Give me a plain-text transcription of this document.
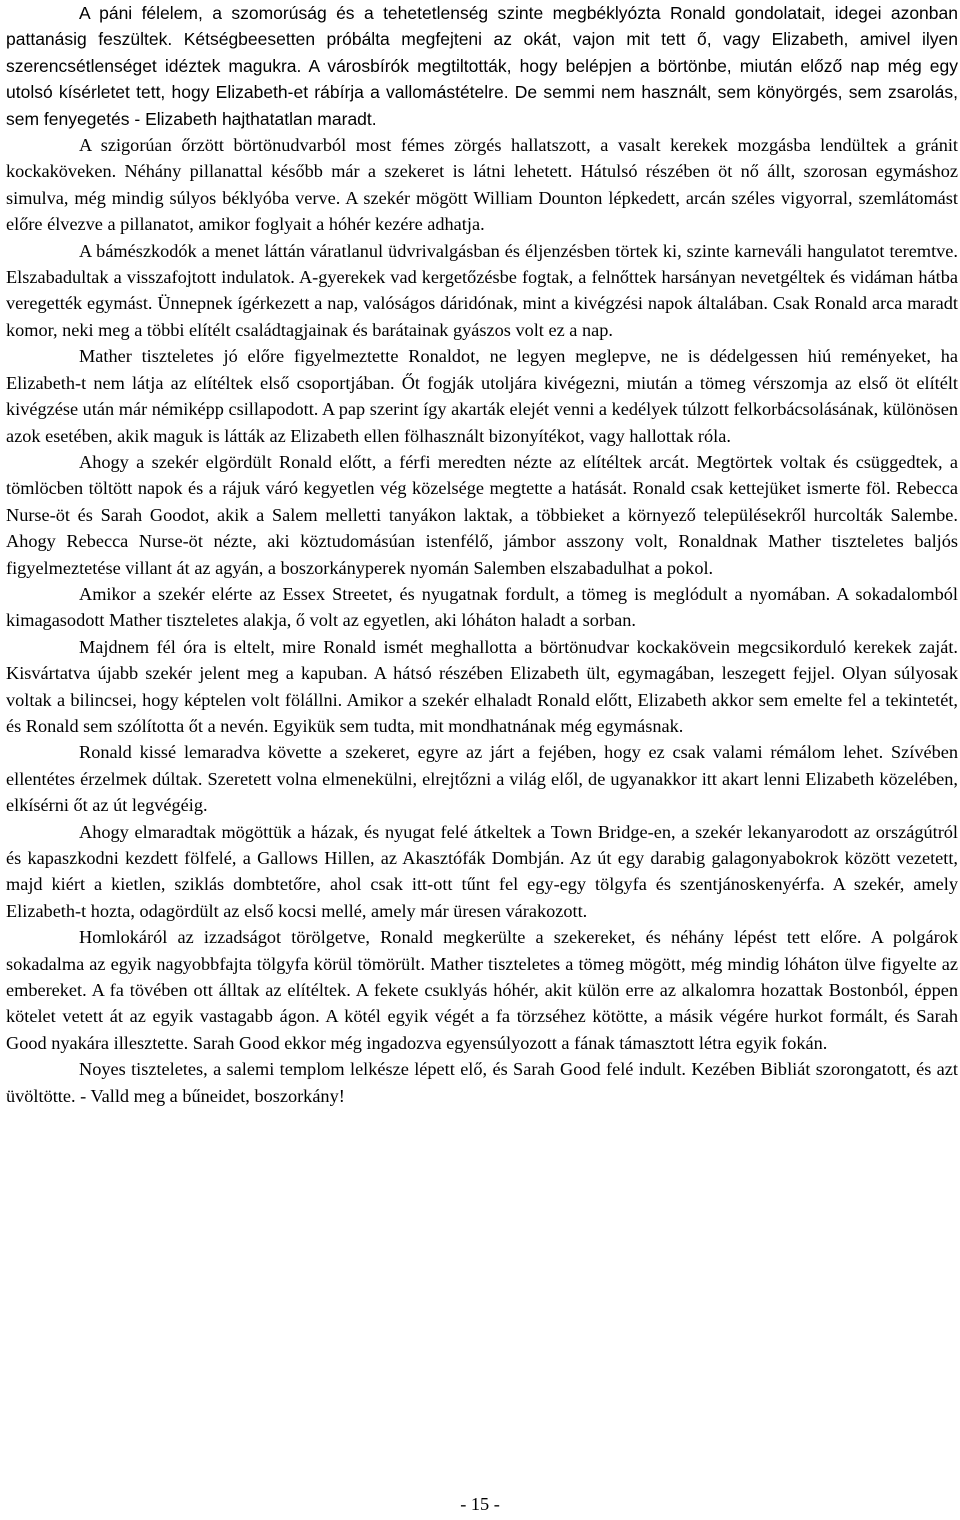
A páni félelem, a szomorúság és a tehetetlenség szinte megbéklyózta Ronald gondolatait, idegei azonban pattanásig feszültek. Kétségbeesetten próbálta megfejteni az okát, vajon mit tett ő, vagy Elizabeth, amivel ilyen szerencsétlenséget idéztek magukra. A városbírók megtiltották, hogy belépjen a börtönbe, miután előző nap még egy utolsó kísérletet tett, hogy Elizabeth-et rábírja a vallomástételre. De semmi nem használt, sem könyörgés, sem zsarolás, sem fenyegetés - Elizabeth hajthatatlan maradt.

A szigorúan őrzött börtönudvarból most fémes zörgés hallatszott, a vasalt kerekek mozgásba lendültek a gránit kockaköveken. Néhány pillanattal később már a szekeret is látni lehetett. Hátulsó részében öt nő állt, szorosan egymáshoz simulva, még mindig súlyos béklyóba verve. A szekér mögött William Dounton lépkedett, arcán széles vigyorral, szemlátomást előre élvezve a pillanatot, amikor foglyait a hóhér kezére adhatja.

A bámészkodók a menet láttán váratlanul üdvrivalgásban és éljenzésben törtek ki, szinte karneváli hangulatot teremtve. Elszabadultak a visszafojtott indulatok. A-gyerekek vad kergetőzésbe fogtak, a felnőttek harsányan nevetgéltek és vidáman hátba veregették egymást. Ünnepnek ígérkezett a nap, valóságos dáridónak, mint a kivégzési napok általában. Csak Ronald arca maradt komor, neki meg a többi elítélt családtagjainak és barátainak gyászos volt ez a nap.

Mather tiszteletes jó előre figyelmeztette Ronaldot, ne legyen meglepve, ne is dédelgessen hiú reményeket, ha Elizabeth-t nem látja az elítéltek első csoportjában. Őt fogják utoljára kivégezni, miután a tömeg vérszomja az első öt elítélt kivégzése után már némiképp csillapodott. A pap szerint így akarták elejét venni a kedélyek túlzott felkorbácsolásának, különösen azok esetében, akik maguk is látták az Elizabeth ellen fölhasznált bizonyítékot, vagy hallottak róla.

Ahogy a szekér elgördült Ronald előtt, a férfi meredten nézte az elítéltek arcát. Megtörtek voltak és csüggedtek, a tömlöcben töltött napok és a rájuk váró kegyetlen vég közelsége megtette a hatását. Ronald csak kettejüket ismerte föl. Rebecca Nurse-öt és Sarah Goodot, akik a Salem melletti tanyákon laktak, a többieket a környező településekről hurcolták Salembe. Ahogy Rebecca Nurse-öt nézte, aki köztudomásúan istenfélő, jámbor asszony volt, Ronaldnak Mather tiszteletes baljós figyelmeztetése villant át az agyán, a boszorkányperek nyomán Salemben elszabadulhat a pokol.

Amikor a szekér elérte az Essex Streetet, és nyugatnak fordult, a tömeg is meglódult a nyomában. A sokadalomból kimagasodott Mather tiszteletes alakja, ő volt az egyetlen, aki lóháton haladt a sorban.

Majdnem fél óra is eltelt, mire Ronald ismét meghallotta a börtönudvar kockakövein megcsikorduló kerekek zaját. Kisvártatva újabb szekér jelent meg a kapuban. A hátsó részében Elizabeth ült, egymagában, leszegett fejjel. Olyan súlyosak voltak a bilincsei, hogy képtelen volt fölállni. Amikor a szekér elhaladt Ronald előtt, Elizabeth akkor sem emelte fel a tekintetét, és Ronald sem szólította őt a nevén. Egyikük sem tudta, mit mondhatnának még egymásnak.

Ronald kissé lemaradva követte a szekeret, egyre az járt a fejében, hogy ez csak valami rémálom lehet. Szívében ellentétes érzelmek dúltak. Szeretett volna elmenekülni, elrejtőzni a világ elől, de ugyanakkor itt akart lenni Elizabeth közelében, elkísérni őt az út legvégéig.

Ahogy elmaradtak mögöttük a házak, és nyugat felé átkeltek a Town Bridge-en, a szekér lekanyarodott az országútról és kapaszkodni kezdett fölfelé, a Gallows Hillen, az Akasztófák Dombján. Az út egy darabig galagonyabokrok között vezetett, majd kiért a kietlen, sziklás dombtetőre, ahol csak itt-ott tűnt fel egy-egy tölgyfa és szentjánoskenyérfa. A szekér, amely Elizabeth-t hozta, odagördült az első kocsi mellé, amely már üresen várakozott.

Homlokáról az izzadságot törölgetve, Ronald megkerülte a szekereket, és néhány lépést tett előre. A polgárok sokadalma az egyik nagyobbfajta tölgyfa körül tömörült. Mather tiszteletes a tömeg mögött, még mindig lóháton ülve figyelte az embereket. A fa tövében ott álltak az elítéltek. A fekete csuklyás hóhér, akit külön erre az alkalomra hozattak Bostonból, éppen kötelet vetett át az egyik vastagabb ágon. A kötél egyik végét a fa törzséhez kötötte, a másik végére hurkot formált, és Sarah Good nyakára illesztette. Sarah Good ekkor még ingadozva egyensúlyozott a fának támasztott létra egyik fokán.

Noyes tiszteletes, a salemi templom lelkésze lépett elő, és Sarah Good felé indult. Kezében Bibliát szorongatott, és azt üvöltötte. - Valld meg a bűneidet, boszorkány!

- 15 -
